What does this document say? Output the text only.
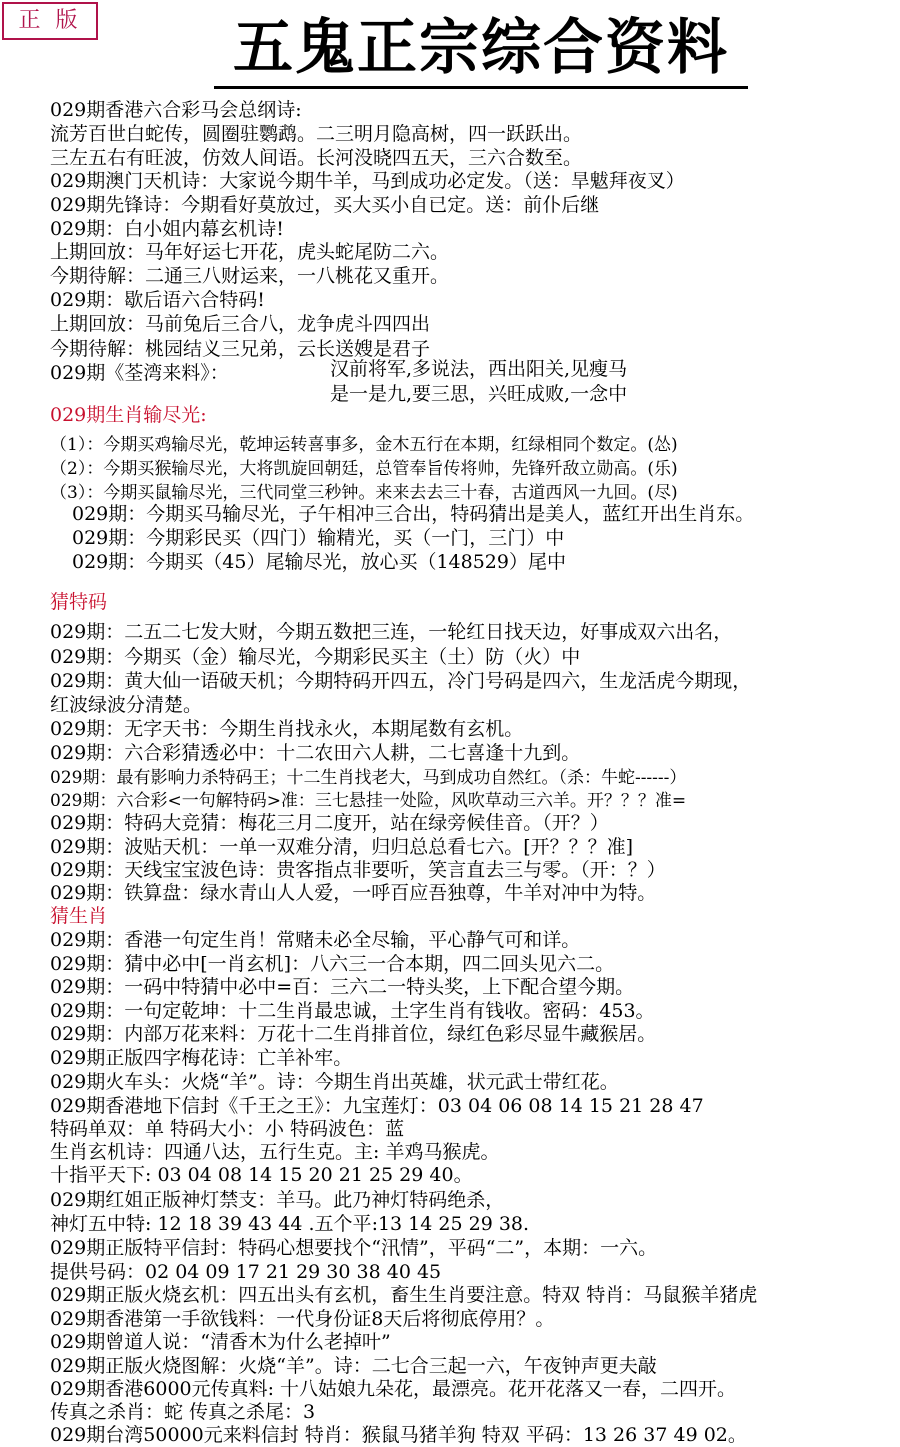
正 版	五鬼正宗综合资料
029期香港六合彩马会总纲诗:
流芳百世白蛇传，圆圈驻鹦鹉。二三明月隐高树，四一跃跃出。
三左五右有旺波，仿效人间语。长河没晓四五天，三六合数至。
029期澳门天机诗：大家说今期牛羊，马到成功必定发。（送：旱魃拜夜叉）
029期先锋诗：今期看好莫放过，买大买小自已定。送：前仆后继
029期：白小姐内幕玄机诗!
上期回放：马年好运七开花，虎头蛇尾防二六。
今期待解：二通三八财运来，一八桃花又重开。
029期：歇后语六合特码!
上期回放：马前兔后三合八，龙争虎斗四四出
今期待解：桃园结义三兄弟，云长送嫂是君子
029期《荃湾来料》：	汉前将军,多说法，西出阳关,见瘦马
是一是九,要三思，兴旺成败,一念中
029期生肖输尽光:
（1）：今期买鸡输尽光，乾坤运转喜事多，金木五行在本期，红绿相同个数定。(怂)
（2）：今期买猴输尽光，大将凯旋回朝廷，总管奉旨传将帅，先锋歼敌立勋高。(乐)
（3）：今期买鼠输尽光，三代同堂三秒钟。来来去去三十春，古道西风一九回。(尽)
029期：今期买马输尽光，子午相冲三合出，特码猜出是美人，蓝红开出生肖东。
029期：今期彩民买（四门）输精光，买（一门，三门）中
029期：今期买（45）尾输尽光，放心买（148529）尾中
猜特码
029期：二五二七发大财，今期五数把三连，一轮红日找天边，好事成双六出名，
029期：今期买（金）输尽光，今期彩民买主（土）防（火）中
029期：黄大仙一语破天机；今期特码开四五，冷门号码是四六，生龙活虎今期现，
红波绿波分清楚。
029期：无字天书：今期生肖找永火，本期尾数有玄机。
029期：六合彩猜透必中：十二农田六人耕，二七喜逢十九到。
029期：最有影响力杀特码王；十二生肖找老大，马到成功自然红。（杀：牛蛇------）
029期：六合彩<一句解特码>准：三七悬挂一处险，风吹草动三六羊。开？？？准=
029期：特码大竞猜：梅花三月二度开，站在绿旁候佳音。（开？）
029期：波贴天机：一单一双难分清，归归总总看七六。[开？？？准]
029期：天线宝宝波色诗：贵客指点非要听，笑言直去三与零。（开：？）
029期：铁算盘：绿水青山人人爱，一呼百应吾独尊，牛羊对冲中为特。
猜生肖
029期：香港一句定生肖！常赌未必全尽输，平心静气可和详。
029期：猜中必中[一肖玄机]：八六三一合本期，四二回头见六二。
029期：一码中特猜中必中=百：三六二一特头奖，上下配合望今期。
029期：一句定乾坤：十二生肖最忠诚，土字生肖有钱收。密码：453。
029期：内部万花来料：万花十二生肖排首位，绿红色彩尽显牛藏猴居。
029期正版四字梅花诗：亡羊补牢。
029期火车头：火烧“羊”。诗：今期生肖出英雄，状元武士带红花。
029期香港地下信封《千王之王》：九宝莲灯：03 04 06 08 14 15 21 28 47
特码单双：单 特码大小：小 特码波色：蓝
生肖玄机诗：四通八达，五行生克。主: 羊鸡马猴虎。
十指平天下: 03 04 08 14 15 20 21 25 29 40。
029期红姐正版神灯禁支：羊马。此乃神灯特码绝杀，
神灯五中特: 12 18 39 43 44 .五个平:13 14 25 29 38.
029期正版特平信封：特码心想要找个“汛情”，平码“二”，本期：一六。
提供号码：02 04 09 17 21 29 30 38 40 45
029期正版火烧玄机：四五出头有玄机，畜生生肖要注意。特双 特肖：马鼠猴羊猪虎
029期香港第一手欲钱料：一代身份证8天后将彻底停用？。
029期曾道人说：“清香木为什么老掉叶”
029期正版火烧图解：火烧“羊”。诗：二七合三起一六，午夜钟声更夫敲
029期香港6000元传真料: 十八姑娘九朵花，最漂亮。花开花落又一春，二四开。
传真之杀肖：蛇 传真之杀尾：3
029期台湾50000元来料信封 特肖：猴鼠马猪羊狗 特双 平码：13 26 37 49 02。
